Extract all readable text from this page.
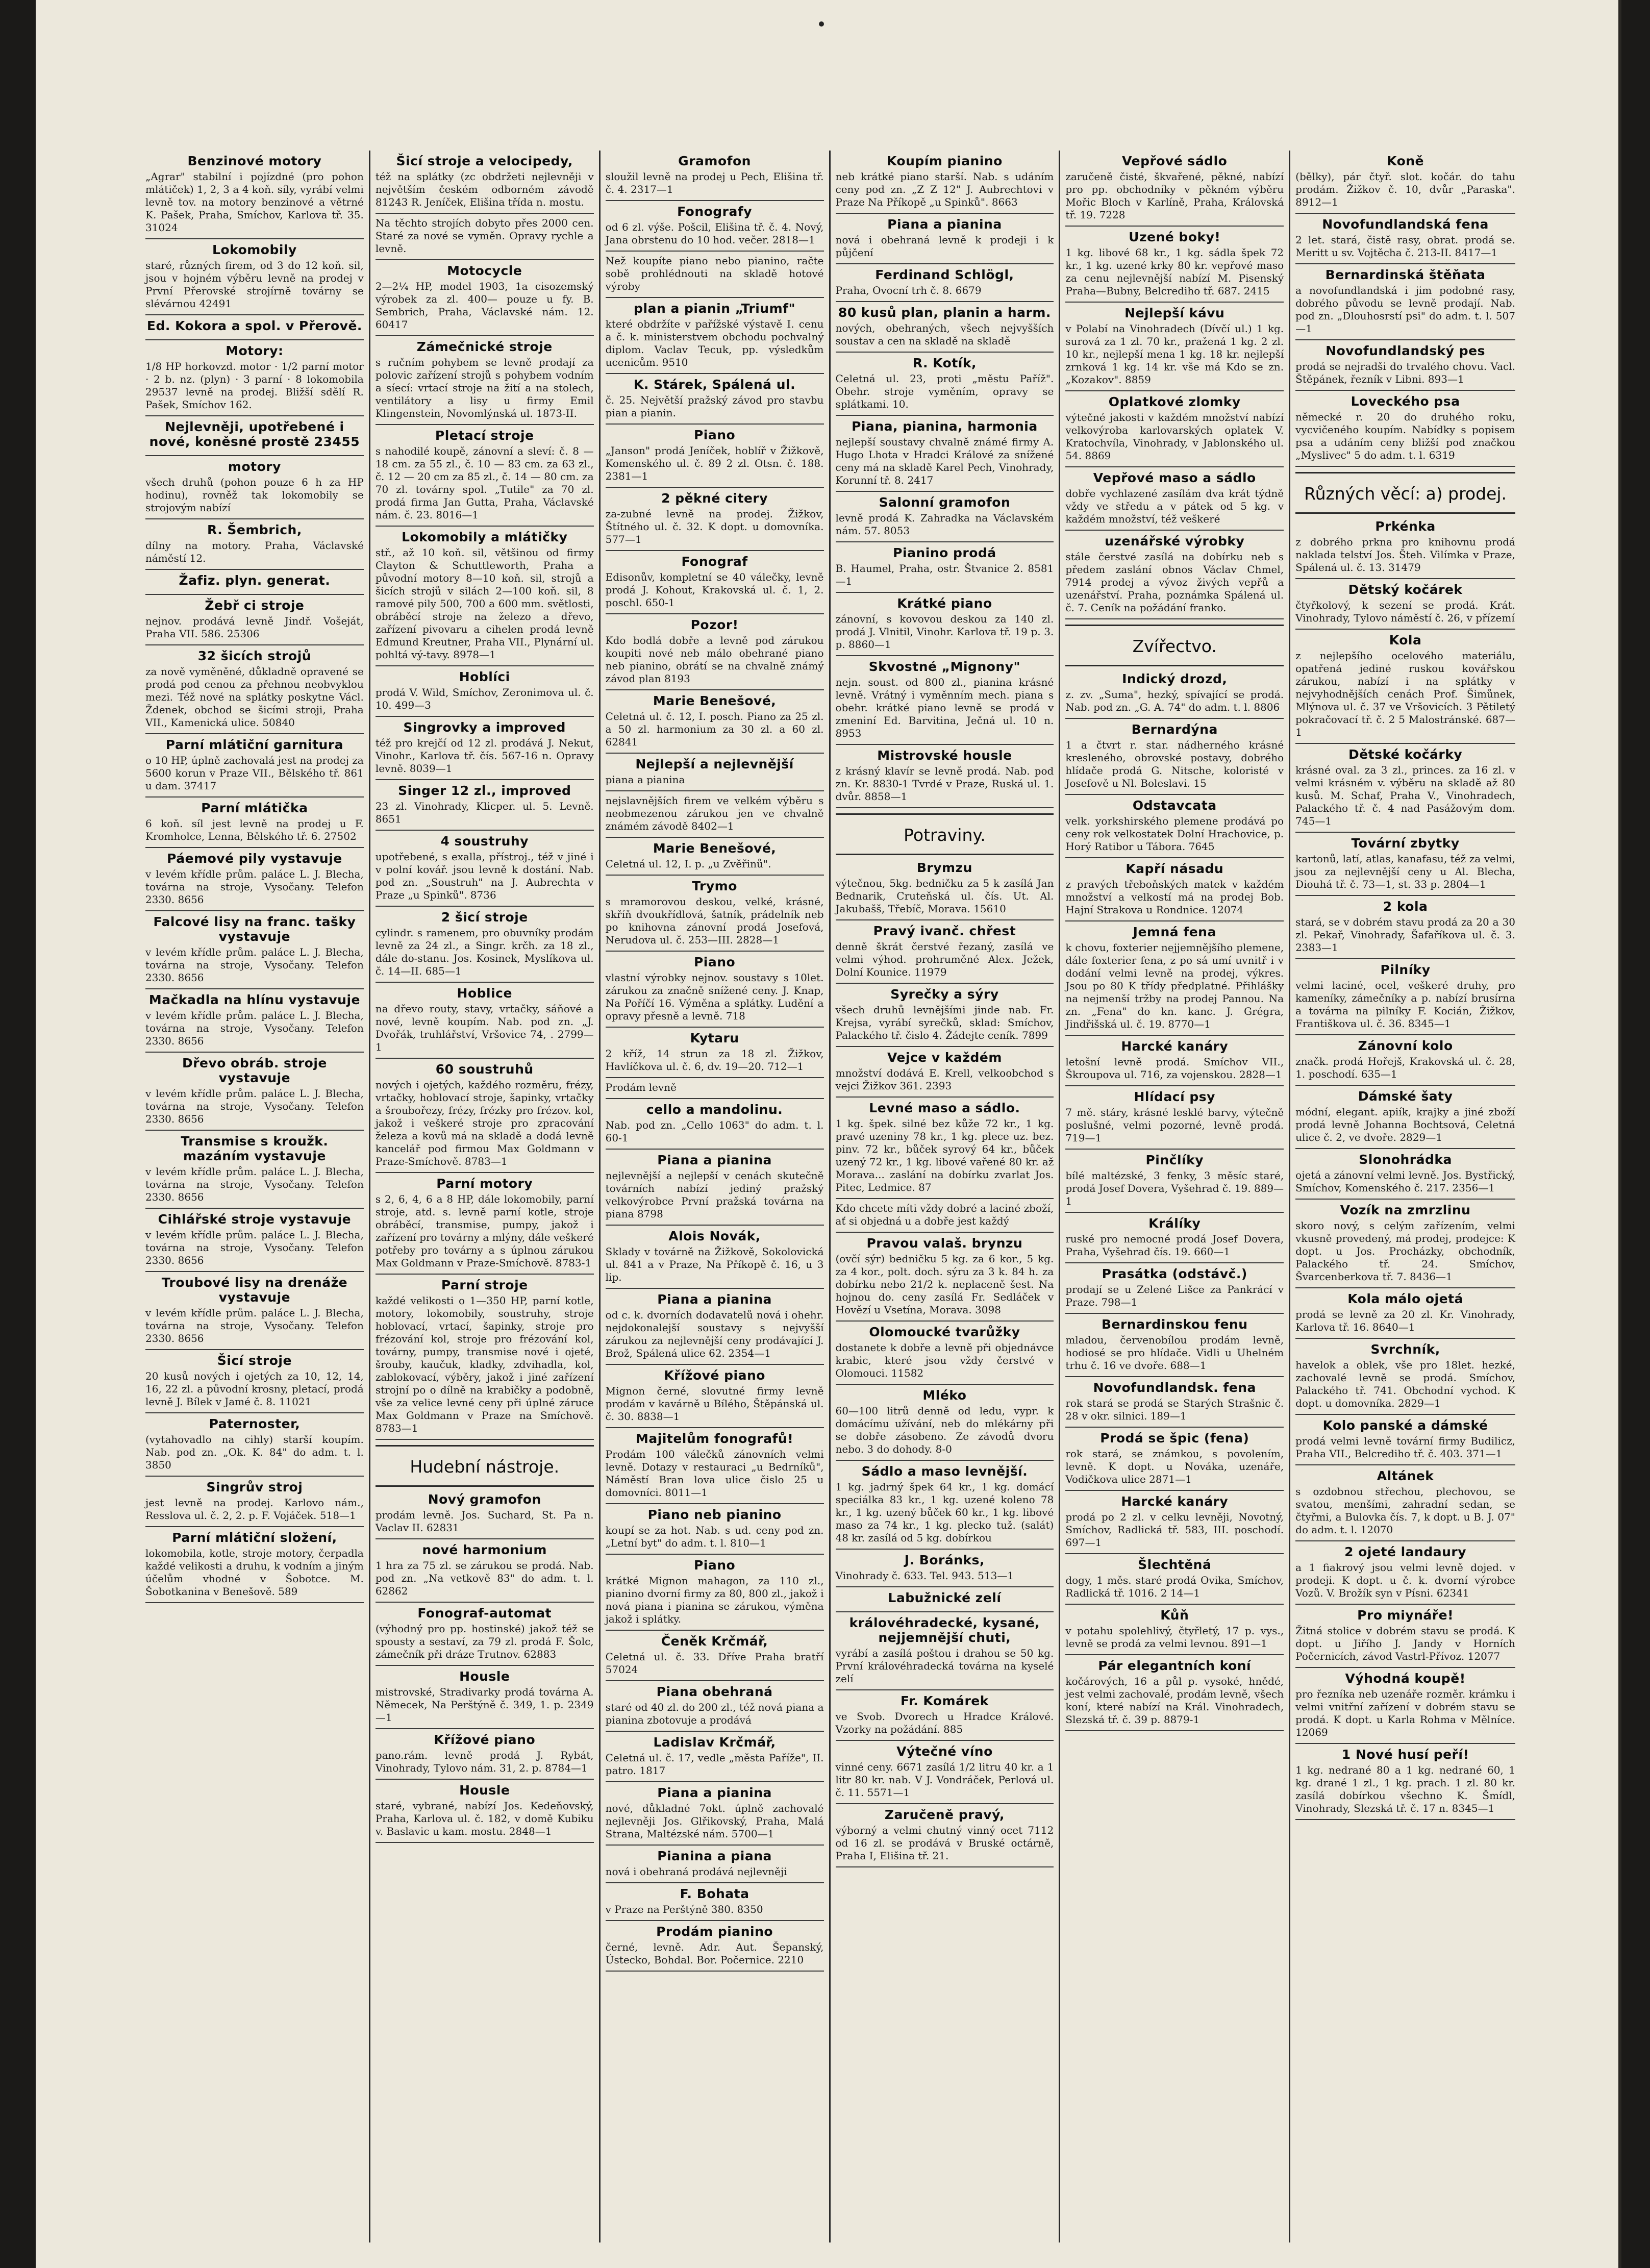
Benzinové motory

„Agrar" stabilní i pojízdné (pro pohon mlátiček) 1, 2, 3 a 4 koň. síly, vyrábí velmi levně tov. na motory benzinové a větrné K. Pašek, Praha, Smíchov, Karlova tř. 35. 31024

Lokomobily

staré, různých firem, od 3 do 12 koň. sil, jsou v hojném výběru levně na prodej v První Přerovské strojírně továrny se slévárnou 42491

Ed. Kokora a spol. v Přerově.
Motory:

1/8 HP horkovzd. motor · 1/2 parní motor · 2 b. nz. (plyn) · 3 parní · 8 lokomobila 29537 levně na prodej. Bližší sdělí R. Pašek, Smíchov 162.

Nejlevněji, upotřebené i nové, koněsné prostě 23455
motory

všech druhů (pohon pouze 6 h za HP hodinu), rovněž tak lokomobily se strojovým nabízí

R. Šembrich,

dílny na motory. Praha, Václavské náměstí 12.

Žafiz. plyn. generat.
Žebř ci stroje

nejnov. prodává levně Jindř. Vošeját, Praha VII. 586. 25306

32 šicích strojů

za nově vyměněné, důkladně opravené se prodá pod cenou za přehnou neobvyklou mezi. Též nové na splátky poskytne Václ. Ždenek, obchod se šicími stroji, Praha VII., Kamenická ulice. 50840

Parní mlátiční garnitura

o 10 HP, úplně zachovalá jest na prodej za 5600 korun v Praze VII., Bělského tř. 861 u dam. 37417

Parní mlátička

6 koň. síl jest levně na prodej u F. Kromholce, Lenna, Bělského tř. 6. 27502

Páemové pily vystavuje

v levém křídle prům. paláce L. J. Blecha, továrna na stroje, Vysočany. Telefon 2330. 8656

Falcové lisy na franc. tašky vystavuje

v levém křídle prům. paláce L. J. Blecha, továrna na stroje, Vysočany. Telefon 2330. 8656

Mačkadla na hlínu vystavuje

v levém křídle prům. paláce L. J. Blecha, továrna na stroje, Vysočany. Telefon 2330. 8656

Dřevo obráb. stroje vystavuje

v levém křídle prům. paláce L. J. Blecha, továrna na stroje, Vysočany. Telefon 2330. 8656

Transmise s kroužk. mazáním vystavuje

v levém křídle prům. paláce L. J. Blecha, továrna na stroje, Vysočany. Telefon 2330. 8656

Cihlářské stroje vystavuje

v levém křídle prům. paláce L. J. Blecha, továrna na stroje, Vysočany. Telefon 2330. 8656

Troubové lisy na drenáže vystavuje

v levém křídle prům. paláce L. J. Blecha, továrna na stroje, Vysočany. Telefon 2330. 8656

Šicí stroje

20 kusů nových i ojetých za 10, 12, 14, 16, 22 zl. a původní krosny, pletací, prodá levně J. Bílek v Jamé č. 8. 11021

Paternoster,

(vytahovadlo na cihly) starší koupím. Nab. pod zn. „Ok. K. 84" do adm. t. l. 3850

Singrův stroj

jest levně na prodej. Karlovo nám., Resslova ul. č. 2, 2. p. F. Vojáček. 518—1

Parní mlátiční složení,

lokomobila, kotle, stroje motory, čerpadla každé velikosti a druhu, k vodním a jiným účelům vhodné v Šobotce. M. Šobotkanina v Benešově. 589

Šicí stroje a velocipedy,

též na splátky (zc obdržeti nejlevněji v největším českém odborném závodě 81243 R. Jeníček, Elišina třída n. mostu.

Na těchto strojích dobyto přes 2000 cen. Staré za nové se vyměn. Opravy rychle a levně.

Motocycle

2—2¼ HP, model 1903, 1a cisozemský výrobek za zl. 400— pouze u fy. B. Sembrich, Praha, Václavské nám. 12. 60417

Zámečnické stroje

s ručním pohybem se levně prodají za polovic zařízení strojů s pohybem vodním a síecí: vrtací stroje na žití a na stolech, ventilátory a lisy u firmy Emil Klingenstein, Novomlýnská ul. 1873-II.

Pletací stroje

s nahodilé koupě, zánovní a sleví: č. 8 — 18 cm. za 55 zl., č. 10 — 83 cm. za 63 zl., č. 12 — 20 cm za 85 zl., č. 14 — 80 cm. za 70 zl. továrny spol. „Tutile" za 70 zl. prodá firma Jan Gutta, Praha, Václavské nám. č. 23. 8016—1

Lokomobily a mlátičky

stř., až 10 koň. sil, většinou od firmy Clayton & Schuttleworth, Praha a původní motory 8—10 koň. sil, strojů a šicích strojů v silách 2—100 koň. sil, 8 ramové pily 500, 700 a 600 mm. světlosti, obráběcí stroje na železo a dřevo, zařízení pivovaru a cihelen prodá levně Edmund Kreutner, Praha VII., Plynární ul. pohltá vý-tavy. 8978—1

Hoblíci

prodá V. Wild, Smíchov, Zeronimova ul. č. 10. 499—3

Singrovky a improved

též pro krejčí od 12 zl. prodává J. Nekut, Vinohr., Karlova tř. čís. 567-16 n. Opravy levně. 8039—1

Singer 12 zl., improved

23 zl. Vinohrady, Klicper. ul. 5. Levně. 8651

4 soustruhy

upotřebené, s exalla, přístroj., též v jiné i v polní kovář. jsou levně k dostání. Nab. pod zn. „Soustruh" na J. Aubrechta v Praze „u Spinků". 8736

2 šicí stroje

cylindr. s ramenem, pro obuvníky prodám levně za 24 zl., a Singr. krčh. za 18 zl., dále do-stanu. Jos. Kosinek, Myslíkova ul. č. 14—II. 685—1

Hoblice

na dřevo routy, stavy, vrtačky, sáňové a nové, levně koupím. Nab. pod zn. „J. Dvořák, truhlářství, Vršovice 74, . 2799—1

60 soustruhů

nových i ojetých, každého rozměru, frézy, vrtačky, hoblovací stroje, šapinky, vrtačky a šroubořezy, frézy, frézky pro frézov. kol, jakož i veškeré stroje pro zpracování železa a kovů má na skladě a dodá levně kancelář pod firmou Max Goldmann v Praze-Smíchově. 8783—1

Parní motory

s 2, 6, 4, 6 a 8 HP, dále lokomobily, parní stroje, atd. s. levně parní kotle, stroje obráběcí, transmise, pumpy, jakož i zařízení pro továrny a mlýny, dále veškeré potřeby pro továrny a s úplnou zárukou Max Goldmann v Praze-Smíchově. 8783-1

Parní stroje

každé velikosti o 1—350 HP, parní kotle, motory, lokomobily, soustruhy, stroje hoblovací, vrtací, šapinky, stroje pro frézování kol, stroje pro frézování kol, továrny, pumpy, transmise nové i ojeté, šrouby, kaučuk, kladky, zdvihadla, kol, zablokovací, výběry, jakož i jiné zařízení strojní po o dílně na krabičky a podobně, vše za velice levné ceny při úplné záruce Max Goldmann v Praze na Smíchově. 8783—1

Hudební nástroje.
Nový gramofon

prodám levně. Jos. Suchard, St. Pa n. Vaclav II. 62831

nové harmonium

1 hra za 75 zl. se zárukou se prodá. Nab. pod zn. „Na vetkově 83" do adm. t. l. 62862

Fonograf-automat

(výhodný pro pp. hostinské) jakož též se spousty a sestaví, za 79 zl. prodá F. Šolc, zámečník při dráze Trutnov. 62883

Housle

mistrovské, Stradivarky prodá továrna A. Němecek, Na Perštýně č. 349, 1. p. 2349—1

Křížové piano

pano.rám. levně prodá J. Rybát, Vinohrady, Tylovo nám. 31, 2. p. 8784—1

Housle

staré, vybrané, nabízí Jos. Kedeňovský, Praha, Karlova ul. č. 182, v domě Kubiku v. Baslavic u kam. mostu. 2848—1

Gramofon

sloužil levně na prodej u Pech, Elišina tř. č. 4. 2317—1

Fonografy

od 6 zl. výše. Pošcil, Elišina tř. č. 4. Nový, Jana obrstenu do 10 hod. večer. 2818—1

Než koupíte piano nebo pianino, račte sobě prohlédnouti na skladě hotové výroby

plan a pianin „Triumf"

které obdržíte v pařížské výstavě I. cenu a č. k. ministerstvem obchodu pochvalný diplom. Vaclav Tecuk, pp. výsledkům ucenicům. 9510

K. Stárek, Spálená ul.

č. 25. Největší pražský závod pro stavbu pian a pianin.

Piano

„Janson" prodá Jeníček, hoblíř v Žižkově, Komenského ul. č. 89 2 zl. Otsn. č. 188. 2381—1

2 pěkné citery

za-zubné levně na prodej. Žižkov, Štítného ul. č. 32. K dopt. u domovníka. 577—1

Fonograf

Edisonův, kompletní se 40 válečky, levně prodá J. Kohout, Krakovská ul. č. 1, 2. poschl. 650-1

Pozor!

Kdo bodlá dobře a levně pod zárukou koupiti nové neb málo obehrané piano neb pianino, obrátí se na chvalně známý závod plan 8193

Marie Benešové,

Celetná ul. č. 12, I. posch. Piano za 25 zl. a 50 zl. harmonium za 30 zl. a 60 zl. 62841

Nejlepší a nejlevnější

piana a pianina

nejslavnějších firem ve velkém výběru s neobmezenou zárukou jen ve chvalně známém závodě 8402—1

Marie Benešové,

Celetná ul. 12, I. p. „u Zvěřinů".

Trymo

s mramorovou deskou, velké, krásné, skříň dvoukřídlová, šatník, prádelník neb po knihovna zánovní prodá Josefová, Nerudova ul. č. 253—III. 2828—1

Piano

vlastní výrobky nejnov. soustavy s 10let. zárukou za značně snížené ceny. J. Knap, Na Poříčí 16. Výměna a splátky. Ludění a opravy přesně a levně. 718

Kytaru

2 kříž, 14 strun za 18 zl. Žižkov, Havlíčkova ul. č. 6, dv. 19—20. 712—1

Prodám levně

cello a mandolinu.

Nab. pod zn. „Cello 1063" do adm. t. l. 60-1

Piana a pianina

nejlevnější a nejlepší v cenách skutečně továrních nabízí jediný pražský velkovýrobce První pražská továrna na piana 8798

Alois Novák,

Sklady v továrně na Žižkově, Sokolovická ul. 841 a v Praze, Na Příkopě č. 16, u 3 lip.

Piana a pianina

od c. k. dvorních dodavatelů nová i ohehr. nejdokonalejší soustavy s nejvyšší zárukou za nejlevnější ceny prodávající J. Brož, Spálená ulice 62. 2354—1

Křížové piano

Mignon černé, slovutné firmy levně prodám v kavárně u Bílého, Štěpánská ul. č. 30. 8838—1

Majitelům fonografů!

Prodám 100 válečků zánovních velmi levně. Dotazy v restauraci „u Bedrníků", Náměstí Bran lova ulice čislo 25 u domovníci. 8011—1

Piano neb pianino

koupí se za hot. Nab. s ud. ceny pod zn. „Letní byt" do adm. t. l. 810—1

Piano

krátké Mignon mahagon, za 110 zl., pianino dvorní firmy za 80, 800 zl., jakož i nová piana i pianina se zárukou, výměna jakož i splátky.

Čeněk Krčmář,

Celetná ul. č. 33. Dříve Praha bratří 57024

Piana obehraná

staré od 40 zl. do 200 zl., též nová piana a pianina zbotovuje a prodává

Ladislav Krčmář,

Celetná ul. č. 17, vedle „města Paříže", II. patro. 1817

Piana a pianina

nové, důkladné 7okt. úplně zachovalé nejlevněji Jos. Glřikovský, Praha, Malá Strana, Maltézské nám. 5700—1

Pianina a piana

nová i obehraná prodává nejlevněji

F. Bohata

v Praze na Perštýně 380. 8350

Prodám pianino

černé, levně. Adr. Aut. Šepanský, Ústecko, Bohdal. Bor. Počernice. 2210

Koupím pianino

neb krátké piano starší. Nab. s udáním ceny pod zn. „Z Z 12" J. Aubrechtovi v Praze Na Příkopě „u Spinků". 8663

Piana a pianina

nová i obehraná levně k prodeji i k půjčení

Ferdinand Schlögl,

Praha, Ovocní trh č. 8. 6679

80 kusů plan, planin a harm.

nových, obehraných, všech nejvyšších soustav a cen na skladě na skladě

R. Kotík,

Celetná ul. 23, proti „městu Paříž". Obehr. stroje vyměním, opravy se splátkami. 10.

Piana, pianina, harmonia

nejlepší soustavy chvalně známé firmy A. Hugo Lhota v Hradci Králové za snížené ceny má na skladě Karel Pech, Vinohrady, Korunní tř. 8. 2417

Salonní gramofon

levně prodá K. Zahradka na Václavském nám. 57. 8053

Pianino prodá

B. Haumel, Praha, ostr. Štvanice 2. 8581—1

Krátké piano

zánovní, s kovovou deskou za 140 zl. prodá J. Vlnitil, Vinohr. Karlova tř. 19 p. 3. p. 8860—1

Skvostné „Mignony"

nejn. soust. od 800 zl., pianina krásné levně. Vrátný i vyměnním mech. piana s obehr. krátké piano levně se prodá v zmeniní Ed. Barvitina, Ječná ul. 10 n. 8953

Mistrovské housle

z krásný klavír se levně prodá. Nab. pod zn. Kr. 8830-1 Tvrdé v Praze, Ruská ul. 1. dvůr. 8858—1

Potraviny.
Brymzu

výtečnou, 5kg. bedničku za 5 k zasílá Jan Bednarik, Cruteňská ul. čís. Ut. Al. Jakubašš, Třebíč, Morava. 15610

Pravý ivanč. chřest

denně škrát čerstvé řezaný, zasílá ve velmi výhod. prohruměné Alex. Ježek, Dolní Kounice. 11979

Syrečky a sýry

všech druhů levnějšími jinde nab. Fr. Krejsa, vyrábí syrečků, sklad: Smíchov, Palackého tř. čislo 4. Žádejte ceník. 7899

Vejce v každém

množství dodává E. Krell, velkoobchod s vejci Žižkov 361. 2393

Levné maso a sádlo.

1 kg. špek. silné bez kůže 72 kr., 1 kg. pravé uzeniny 78 kr., 1 kg. plece uz. bez. pinv. 72 kr., bůček syrový 64 kr., bůček uzený 72 kr., 1 kg. libové vařené 80 kr. až Morava... zaslání na dobírku zvarlat Jos. Pitec, Ledmice. 87

Kdo chcete míti vždy dobré a laciné zboží, ať si objedná u a dobře jest každý

Pravou valaš. brynzu

(ovčí sýr) bedničku 5 kg. za 6 kor., 5 kg. za 4 kor., polt. doch. sýru za 3 k. 84 h. za dobírku nebo 21/2 k. neplaceně šest. Na hojnou do. ceny zasílá Fr. Sedláček v Hovězí u Vsetína, Morava. 3098

Olomoucké tvarůžky

dostanete k dobře a levně při objednávce krabic, které jsou vždy čerstvé v Olomouci. 11582

Mléko

60—100 litrů denně od ledu, vypr. k domácímu užívání, neb do mlékárny při se dobře zásobeno. Ze závodů dvoru nebo. 3 do dohody. 8-0

Sádlo a maso levnější.

1 kg. jadrný špek 64 kr., 1 kg. domácí speciálka 83 kr., 1 kg. uzené koleno 78 kr., 1 kg. uzený bůček 60 kr., 1 kg. libové maso za 74 kr., 1 kg. plecko tuž. (salát) 48 kr. zasílá od 5 kg. dobírkou

J. Boránks,

Vinohrady č. 633. Tel. 943. 513—1

Labužnické zelí
královéhradecké, kysané, nejjemnější chuti,

vyrábí a zasílá poštou i drahou se 50 kg. První královéhradecká továrna na kyselé zelí

Fr. Komárek

ve Svob. Dvorech u Hradce Králové. Vzorky na požádání. 885

Výtečné víno

vinné ceny. 6671 zasílá 1/2 litru 40 kr. a 1 litr 80 kr. nab. V J. Vondráček, Perlová ul. č. 11. 5571—1

Zaručeně pravý,

výborný a velmi chutný vinný ocet 7112 od 16 zl. se prodává v Bruské octárně, Praha I, Elišina tř. 21.

Vepřové sádlo

zaručeně čisté, škvařené, pěkné, nabízí pro pp. obchodníky v pěkném výběru Mořic Bloch v Karlíně, Praha, Královská tř. 19. 7228

Uzené boky!

1 kg. libové 68 kr., 1 kg. sádla špek 72 kr., 1 kg. uzené krky 80 kr. vepřové maso za cenu nejlevnější nabízí M. Pisenský Praha—Bubny, Belcrediho tř. 687. 2415

Nejlepší kávu

v Polabí na Vinohradech (Dívčí ul.) 1 kg. surová za 1 zl. 70 kr., pražená 1 kg. 2 zl. 10 kr., nejlepší mena 1 kg. 18 kr. nejlepší zrnková 1 kg. 14 kr. vše má Kdo se zn. „Kozakov". 8859

Oplatkové zlomky

výtečné jakosti v každém množství nabízí velkovýroba karlovarských oplatek V. Kratochvíla, Vinohrady, v Jablonského ul. 54. 8869

Vepřové maso a sádlo

dobře vychlazené zasílám dva krát týdně vždy ve středu a v pátek od 5 kg. v každém množství, též veškeré

uzenářské výrobky

stále čerstvé zasílá na dobírku neb s předem zaslání obnos Václav Chmel, 7914 prodej a vývoz živých vepřů a uzenářství. Praha, poznámka Spálená ul. č. 7. Ceník na požádání franko.

Zvířectvo.
Indický drozd,

z. zv. „Suma", hezký, spívající se prodá. Nab. pod zn. „G. A. 74" do adm. t. l. 8806

Bernardýna

1 a čtvrt r. star. nádherného krásné kresleného, obrovské postavy, dobrého hlídače prodá G. Nitsche, koloristé v Josefově u Nl. Boleslavi. 15

Odstavcata

velk. yorkshirského plemene prodává po ceny rok velkostatek Dolní Hrachovice, p. Horý Ratibor u Tábora. 7645

Kapří násadu

z pravých třeboňských matek v každém množství a velkostí má na prodej Bob. Hajní Strakova u Rondnice. 12074

Jemná fena

k chovu, foxterier nejjemnějšího plemene, dále foxterier fena, z po sá umí uvnitř i v dodání velmi levně na prodej, výkres. Jsou po 80 K třídy předplatné. Přihlášky na nejmenší tržby na prodej Pannou. Na zn. „Fena" do kn. kanc. J. Grégra, Jindřišská ul. č. 19. 8770—1

Harcké kanáry

letošní levně prodá. Smíchov VII., Škroupova ul. 716, za vojenskou. 2828—1

Hlídací psy

7 mě. stáry, krásné lesklé barvy, výtečně poslušné, velmi pozorné, levně prodá. 719—1

Pinčlíky

bílé maltézské, 3 fenky, 3 měsíc staré, prodá Josef Dovera, Vyšehrad č. 19. 889—1

Králíky

ruské pro nemocné prodá Josef Dovera, Praha, Vyšehrad čís. 19. 660—1

Prasátka (odstávč.)

prodají se u Zelené Lišce za Pankrácí v Praze. 798—1

Bernardinskou fenu

mladou, červenobílou prodám levně, hodiosé se pro hlídače. Vidli u Uhelném trhu č. 16 ve dvoře. 688—1

Novofundlandsk. fena

rok stará se prodá se Starých Strašnic č. 28 v okr. silnici. 189—1

Prodá se špic (fena)

rok stará, se známkou, s povolením, levně. K dopt. u Nováka, uzenáře, Vodičkova ulice 2871—1

Harcké kanáry

prodá po 2 zl. v celku levněji, Novotný, Smíchov, Radlická tř. 583, III. poschodí. 697—1

Šlechtěná

dogy, 1 měs. staré prodá Ovika, Smíchov, Radlická tř. 1016. 2 14—1

Kůň

v potahu spolehlivý, čtyřletý, 17 p. vys., levně se prodá za velmi levnou. 891—1

Pár elegantních koní

kočárových, 16 a půl p. vysoké, hnědé, jest velmi zachovalé, prodám levně, všech koní, které nabízí na Král. Vinohradech, Slezská tř. č. 39 p. 8879-1

Koně

(bělky), pár čtyř. slot. kočár. do tahu prodám. Žižkov č. 10, dvůr „Paraska". 8912—1

Novofundlandská fena

2 let. stará, čistě rasy, obrat. prodá se. Meritt u sv. Vojtěcha č. 213-II. 8417—1

Bernardinská štěňata

a novofundlandská i jim podobné rasy, dobrého původu se levně prodají. Nab. pod zn. „Dlouhosrstí psi" do adm. t. l. 507—1

Novofundlandský pes

prodá se nejradši do trvalého chovu. Vacl. Štěpánek, řezník v Libni. 893—1

Loveckého psa

německé r. 20 do druhého roku, vycvičeného koupím. Nabídky s popisem psa a udáním ceny bližší pod značkou „Myslivec" 5 do adm. t. l. 6319

Různých věcí: a) prodej.
Prkénka

z dobrého prkna pro knihovnu prodá naklada telství Jos. Šteh. Vilímka v Praze, Spálená ul. č. 13. 31479

Dětský kočárek

čtyřkolový, k sezení se prodá. Krát. Vinohrady, Tylovo náměstí č. 26, v přízemí

Kola

z nejlepšího ocelového materiálu, opatřená jediné ruskou kovářskou zárukou, nabízí i na splátky v nejvyhodnějších cenách Prof. Šimůnek, Mlýnova ul. č. 37 ve Vršovicích. 3 Pětiletý pokračovací tř. č. 2 5 Malostránské. 687—1

Dětské kočárky

krásné oval. za 3 zl., princes. za 16 zl. v velmi krásném v. výběru na skladě až 80 kusů. M. Schaf, Praha V., Vinohradech, Palackého tř. č. 4 nad Pasážovým dom. 745—1

Tovární zbytky

kartonů, latí, atlas, kanafasu, též za velmi, jsou za nejlevnější ceny u Al. Blecha, Diouhá tř. č. 73—1, st. 33 p. 2804—1

2 kola

stará, se v dobrém stavu prodá za 20 a 30 zl. Pekař, Vinohrady, Šafaříkova ul. č. 3. 2383—1

Pilníky

velmi laciné, ocel, veškeré druhy, pro kameníky, zámečníky a p. nabízí brusírna a továrna na pilníky F. Kocián, Žižkov, Františkova ul. č. 36. 8345—1

Zánovní kolo

značk. prodá Hořejš, Krakovská ul. č. 28, 1. poschodí. 635—1

Dámské šaty

módní, elegant. apiík, krajky a jiné zboží prodá levně Johanna Bochtsová, Celetná ulice č. 2, ve dvoře. 2829—1

Slonohrádka

ojetá a zánovní velmi levně. Jos. Bystřický, Smíchov, Komenského č. 217. 2356—1

Vozík na zmrzlinu

skoro nový, s celým zařízením, velmi vkusně provedený, má prodej, prodejce: K dopt. u Jos. Procházky, obchodník, Palackého tř. 24. Smíchov, Švarcenberkova tř. 7. 8436—1

Kola málo ojetá

prodá se levně za 20 zl. Kr. Vinohrady, Karlova tř. 16. 8640—1

Svrchník,

havelok a oblek, vše pro 18let. hezké, zachovalé levně se prodá. Smíchov, Palackého tř. 741. Obchodní vychod. K dopt. u domovníka. 2829—1

Kolo panské a dámské

prodá velmi levně tovární firmy Budilicz, Praha VII., Belcrediho tř. č. 403. 371—1

Altánek

s ozdobnou střechou, plechovou, se svatou, menšími, zahradní sedan, se čtyřmi, a Bulovka čís. 7, k dopt. u B. J. 07" do adm. t. l. 12070

2 ojeté landaury

a 1 fiakrový jsou velmi levně dojed. v prodeji. K dopt. u č. k. dvorní výrobce Vozů. V. Brožík syn v Písni. 62341

Pro miynáře!

Žitná stolice v dobrém stavu se prodá. K dopt. u Jiřího J. Jandy v Horních Počernicích, závod Vastrl-Přívoz. 12077

Výhodná koupě!

pro řezníka neb uzenáře rozměr. krámku i velmi vnitřní zařízení v dobrém stavu se prodá. K dopt. u Karla Rohma v Mělníce. 12069

1 Nové husí peří!

1 kg. nedrané 80 a 1 kg. nedrané 60, 1 kg. drané 1 zl., 1 kg. prach. 1 zl. 80 kr. zasílá dobírkou všechno K. Šmídl, Vinohrady, Slezská tř. č. 17 n. 8345—1
